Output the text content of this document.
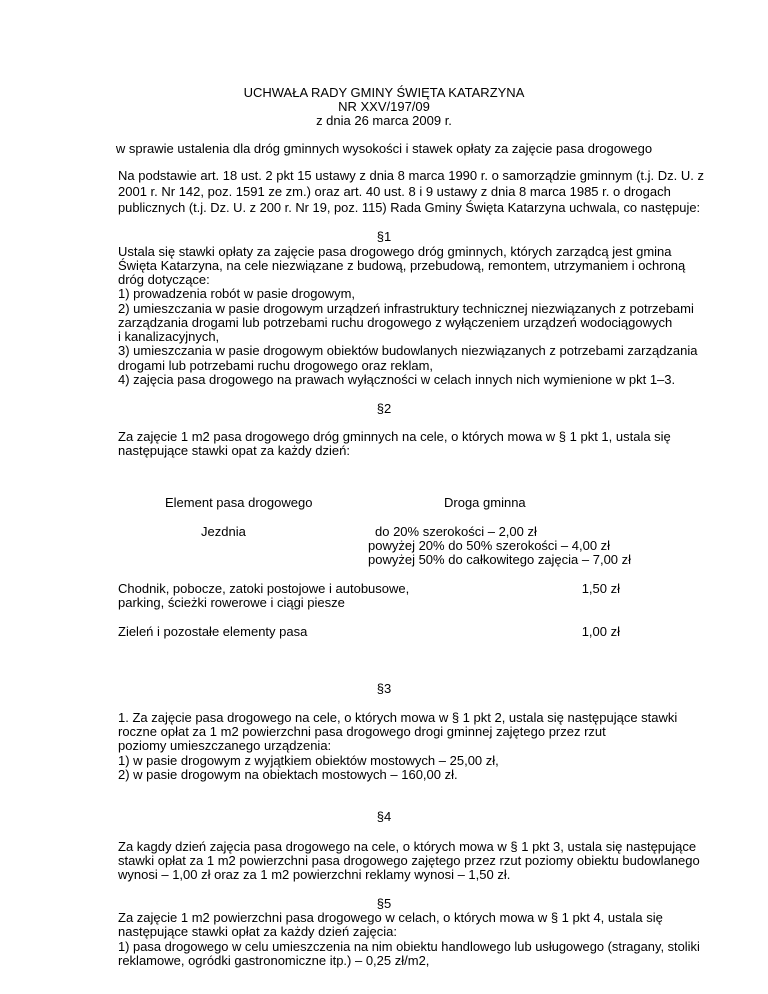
UCHWAŁA RADY GMINY ŚWIĘTA KATARZYNA
NR XXV/197/09
z dnia 26 marca 2009 r.
w sprawie ustalenia dla dróg gminnych wysokości i stawek opłaty za zajęcie pasa drogowego
Na podstawie art. 18 ust. 2 pkt 15 ustawy z dnia 8 marca 1990 r. o samorządzie gminnym (t.j. Dz. U. z
2001 r. Nr 142, poz. 1591 ze zm.) oraz art. 40 ust. 8 i 9 ustawy z dnia 8 marca 1985 r. o drogach
publicznych (t.j. Dz. U. z 200 r. Nr 19, poz. 115) Rada Gminy Święta Katarzyna uchwala, co następuje:
§1
Ustala się stawki opłaty za zajęcie pasa drogowego dróg gminnych, których zarządcą jest gmina
Święta Katarzyna, na cele niezwiązane z budową, przebudową, remontem, utrzymaniem i ochroną
dróg dotyczące:
1) prowadzenia robót w pasie drogowym,
2) umieszczania w pasie drogowym urządzeń infrastruktury technicznej niezwiązanych z potrzebami
zarządzania drogami lub potrzebami ruchu drogowego z wyłączeniem urządzeń wodociągowych
i kanalizacyjnych,
3) umieszczania w pasie drogowym obiektów budowlanych niezwiązanych z potrzebami zarządzania
drogami lub potrzebami ruchu drogowego oraz reklam,
4) zajęcia pasa drogowego na prawach wyłączności w celach innych nich wymienione w pkt 1–3.
§2
Za zajęcie 1 m2 pasa drogowego dróg gminnych na cele, o których mowa w § 1 pkt 1, ustala się
następujące stawki opat za każdy dzień:
Element pasa drogowego	Droga gminna
Jezdnia	do 20% szerokości – 2,00 zł
powyżej 20% do 50% szerokości – 4,00 zł
powyżej 50% do całkowitego zajęcia – 7,00 zł
Chodnik, pobocze, zatoki postojowe i autobusowe,
parking, ścieżki rowerowe i ciągi piesze
1,50 zł
Zieleń i pozostałe elementy pasa	1,00 zł
§3
1. Za zajęcie pasa drogowego na cele, o których mowa w § 1 pkt 2, ustala się następujące stawki
roczne opłat za 1 m2 powierzchni pasa drogowego drogi gminnej zajętego przez rzut
poziomy umieszczanego urządzenia:
1) w pasie drogowym z wyjątkiem obiektów mostowych – 25,00 zł,
2) w pasie drogowym na obiektach mostowych – 160,00 zł.
§4
Za kagdy dzień zajęcia pasa drogowego na cele, o których mowa w § 1 pkt 3, ustala się następujące
stawki opłat za 1 m2 powierzchni pasa drogowego zajętego przez rzut poziomy obiektu budowlanego
wynosi – 1,00 zł oraz za 1 m2 powierzchni reklamy wynosi – 1,50 zł.
§5
Za zajęcie 1 m2 powierzchni pasa drogowego w celach, o których mowa w § 1 pkt 4, ustala się
następujące stawki opłat za każdy dzień zajęcia:
1) pasa drogowego w celu umieszczenia na nim obiektu handlowego lub usługowego (stragany, stoliki
reklamowe, ogródki gastronomiczne itp.) – 0,25 zł/m2,
